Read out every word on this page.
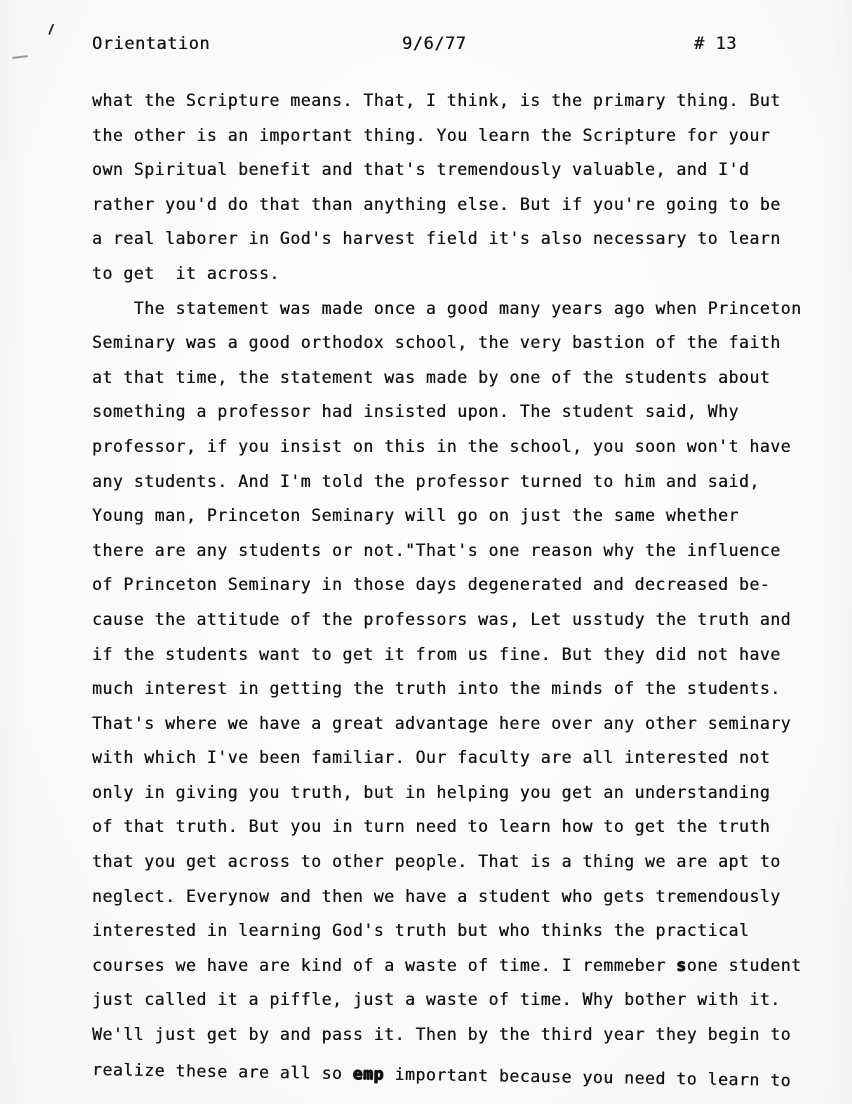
Orientation	9/6/77	# 13
what the Scripture means. That, I think, is the primary thing. But
the other is an important thing. You learn the Scripture for your
own Spiritual benefit and that's tremendously valuable, and I'd
rather you'd do that than anything else. But if you're going to be
a real laborer in God's harvest field it's also necessary to learn
to get  it across.
The statement was made once a good many years ago when Princeton
Seminary was a good orthodox school, the very bastion of the faith
at that time, the statement was made by one of the students about
something a professor had insisted upon. The student said, Why
professor, if you insist on this in the school, you soon won't have
any students. And I'm told the professor turned to him and said,
Young man, Princeton Seminary will go on just the same whether
there are any students or not."That's one reason why the influence
of Princeton Seminary in those days degenerated and decreased be-
cause the attitude of the professors was, Let usstudy the truth and
if the students want to get it from us fine. But they did not have
much interest in getting the truth into the minds of the students.
That's where we have a great advantage here over any other seminary
with which I've been familiar. Our faculty are all interested not
only in giving you truth, but in helping you get an understanding
of that truth. But you in turn need to learn how to get the truth
that you get across to other people. That is a thing we are apt to
neglect. Everynow and then we have a student who gets tremendously
interested in learning God's truth but who thinks the practical
courses we have are kind of a waste of time. I remmeber sone student
just called it a piffle, just a waste of time. Why bother with it.
We'll just get by and pass it. Then by the third year they begin to
realize these are all so emp important because you need to learn to
